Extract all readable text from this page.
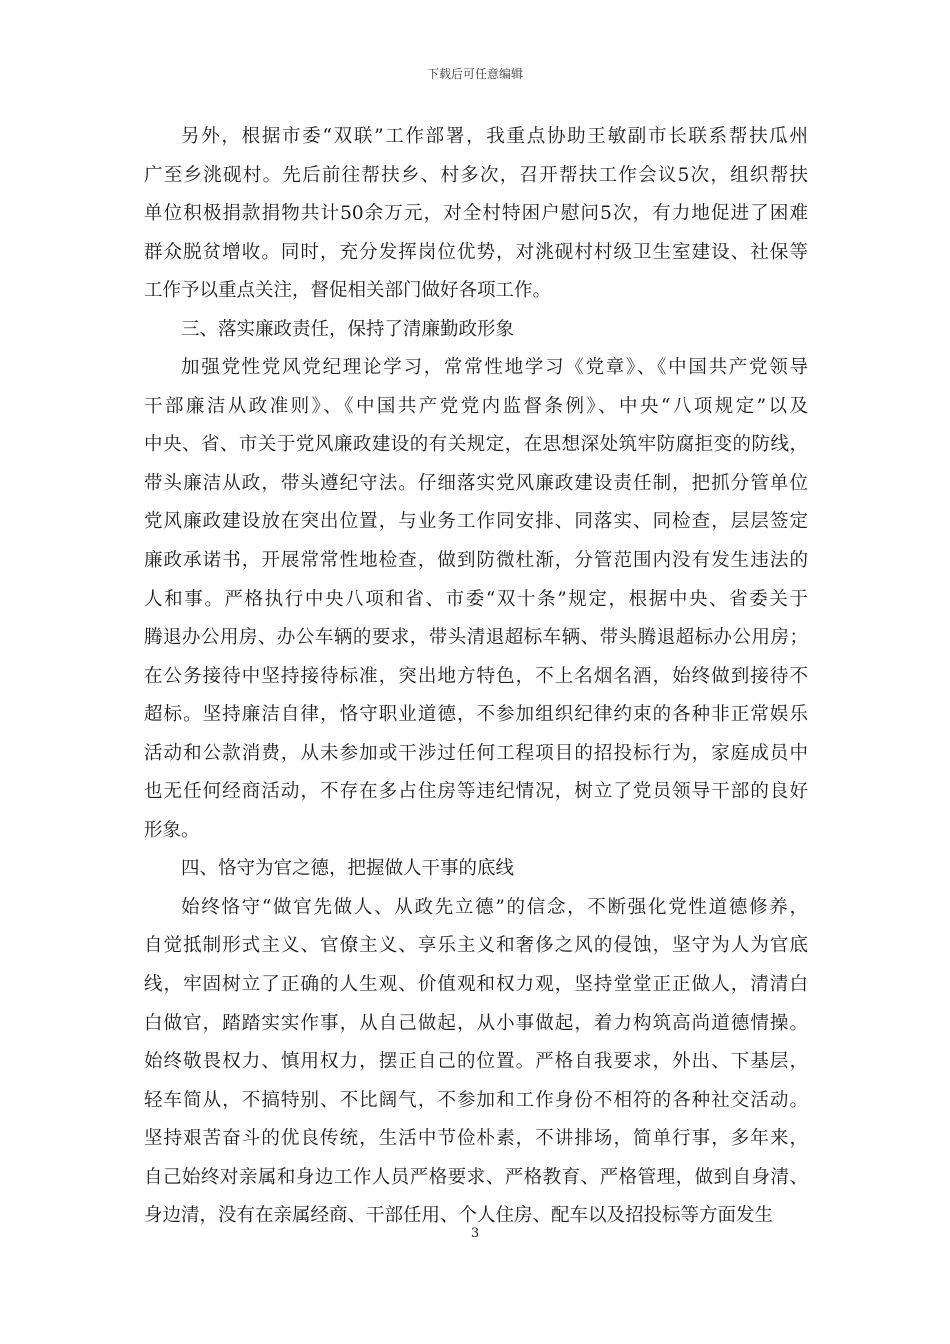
下载后可任意编辑
另外，根据市委“双联”工作部署，我重点协助王敏副市长联系帮扶瓜州
广至乡洮砚村。先后前往帮扶乡、村多次，召开帮扶工作会议5次，组织帮扶
单位积极捐款捐物共计50余万元，对全村特困户慰问5次，有力地促进了困难
群众脱贫增收。同时，充分发挥岗位优势，对洮砚村村级卫生室建设、社保等
工作予以重点关注，督促相关部门做好各项工作。
三、落实廉政责任，保持了清廉勤政形象
加强党性党风党纪理论学习，常常性地学习《党章》、《中国共产党领导
干部廉洁从政准则》、《中国共产党党内监督条例》、中央“八项规定”以及
中央、省、市关于党风廉政建设的有关规定，在思想深处筑牢防腐拒变的防线，
带头廉洁从政，带头遵纪守法。仔细落实党风廉政建设责任制，把抓分管单位
党风廉政建设放在突出位置，与业务工作同安排、同落实、同检查，层层签定
廉政承诺书，开展常常性地检查，做到防微杜渐，分管范围内没有发生违法的
人和事。严格执行中央八项和省、市委“双十条”规定，根据中央、省委关于
腾退办公用房、办公车辆的要求，带头清退超标车辆、带头腾退超标办公用房；
在公务接待中坚持接待标准，突出地方特色，不上名烟名酒，始终做到接待不
超标。坚持廉洁自律，恪守职业道德，不参加组织纪律约束的各种非正常娱乐
活动和公款消费，从未参加或干涉过任何工程项目的招投标行为，家庭成员中
也无任何经商活动，不存在多占住房等违纪情况，树立了党员领导干部的良好
形象。
四、恪守为官之德，把握做人干事的底线
始终恪守“做官先做人、从政先立德”的信念，不断强化党性道德修养，
自觉抵制形式主义、官僚主义、享乐主义和奢侈之风的侵蚀，坚守为人为官底
线，牢固树立了正确的人生观、价值观和权力观，坚持堂堂正正做人，清清白
白做官，踏踏实实作事，从自己做起，从小事做起，着力构筑高尚道德情操。
始终敬畏权力、慎用权力，摆正自己的位置。严格自我要求，外出、下基层，
轻车简从，不搞特别、不比阔气，不参加和工作身份不相符的各种社交活动。
坚持艰苦奋斗的优良传统，生活中节俭朴素，不讲排场，简单行事，多年来，
自己始终对亲属和身边工作人员严格要求、严格教育、严格管理，做到自身清、
身边清，没有在亲属经商、干部任用、个人住房、配车以及招投标等方面发生
3
